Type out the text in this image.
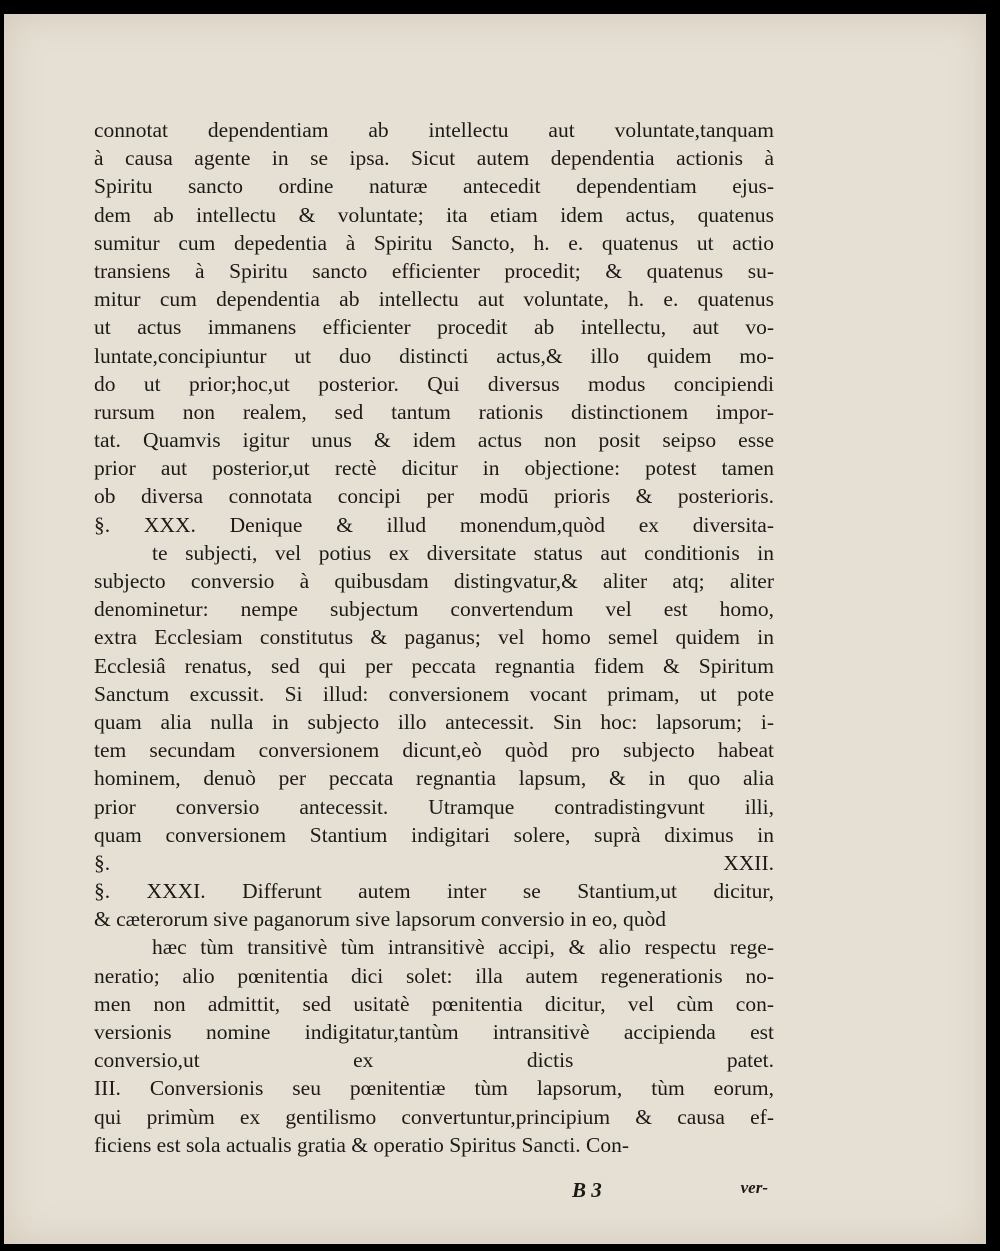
connotat dependentiam ab intellectu aut voluntate,tanquam
à causa agente in se ipsa. Sicut autem dependentia actionis à
Spiritu sancto ordine naturæ antecedit dependentiam ejus-
dem ab intellectu & voluntate; ita etiam idem actus, quatenus
sumitur cum depedentia à Spiritu Sancto, h. e. quatenus ut actio
transiens à Spiritu sancto efficienter procedit; & quatenus su-
mitur cum dependentia ab intellectu aut voluntate, h. e. quatenus
ut actus immanens efficienter procedit ab intellectu, aut vo-
luntate,concipiuntur ut duo distincti actus,& illo quidem mo-
do ut prior;hoc,ut posterior. Qui diversus modus concipiendi
rursum non realem, sed tantum rationis distinctionem impor-
tat. Quamvis igitur unus & idem actus non posit seipso esse
prior aut posterior,ut rectè dicitur in objectione: potest tamen
ob diversa connotata concipi per modū prioris & posterioris.
§. XXX. Denique & illud monendum,quòd ex diversita-
te subjecti, vel potius ex diversitate status aut conditionis in
subjecto conversio à quibusdam distingvatur,& aliter atq; aliter
denominetur: nempe subjectum convertendum vel est homo,
extra Ecclesiam constitutus & paganus; vel homo semel quidem in
Ecclesiâ renatus, sed qui per peccata regnantia fidem & Spiritum
Sanctum excussit. Si illud: conversionem vocant primam, ut pote
quam alia nulla in subjecto illo antecessit. Sin hoc: lapsorum; i-
tem secundam conversionem dicunt,eò quòd pro subjecto habeat
hominem, denuò per peccata regnantia lapsum, & in quo alia
prior conversio antecessit. Utramque contradistingvunt illi,
quam conversionem Stantium indigitari solere, suprà diximus in
§. XXII.
§. XXXI. Differunt autem inter se Stantium,ut dicitur,
& cæterorum sive paganorum sive lapsorum conversio in eo, quòd
hæc tùm transitivè tùm intransitivè accipi, & alio respectu rege-
neratio; alio pœnitentia dici solet: illa autem regenerationis no-
men non admittit, sed usitatè pœnitentia dicitur, vel cùm con-
versionis nomine indigitatur,tantùm intransitivè accipienda est
conversio,ut ex dictis patet.
III. Conversionis seu pœnitentiæ tùm lapsorum, tùm eorum,
qui primùm ex gentilismo convertuntur,principium & causa ef-
ficiens est sola actualis gratia & operatio Spiritus Sancti. Con-
B 3	ver-
